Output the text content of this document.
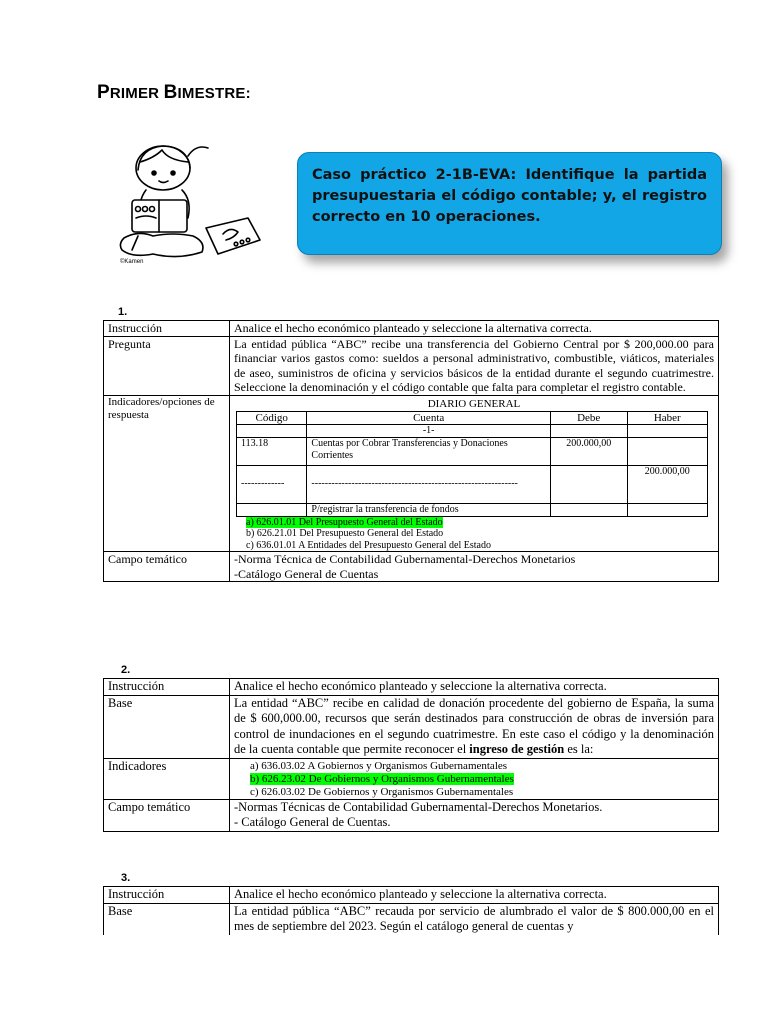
PRIMER BIMESTRE:
©Kamen
Caso práctico 2-1B-EVA: Identifique la partida presupuestaria el código contable; y, el registro correcto en 10 operaciones.
1.
Instrucción	Analice el hecho económico planteado y seleccione la alternativa correcta.
Pregunta	La entidad pública “ABC” recibe una transferencia del Gobierno Central por $ 200,000.00 para financiar varios gastos como: sueldos a personal administrativo, combustible, viáticos, materiales de aseo, suministros de oficina y servicios básicos de la entidad durante el segundo cuatrimestre. Seleccione la denominación y el código contable que falta para completar el registro contable.
Indicadores/opciones de respuesta	
DIARIO GENERAL
Código	Cuenta	Debe	Haber
	-1-		
113.18	Cuentas por Cobrar Transferencias y Donaciones Corrientes	200.000,00	
-------------	--------------------------------------------------------------		200.000,00
	P/registrar la transferencia de fondos		
a) 626.01.01 Del Presupuesto General del Estado
b) 626.21.01 Del Presupuesto General del Estado
c) 636.01.01 A Entidades del Presupuesto General del Estado

Campo temático	-Norma Técnica de Contabilidad Gubernamental-Derechos Monetarios
-Catálogo General de Cuentas
2.
Instrucción	Analice el hecho económico planteado y seleccione la alternativa correcta.
Base	La entidad “ABC” recibe en calidad de donación procedente del gobierno de España, la suma de $ 600,000.00, recursos que serán destinados para construcción de obras de inversión para control de inundaciones en el segundo cuatrimestre. En este caso el código y la denominación de la cuenta contable que permite reconocer el ingreso de gestión es la:
Indicadores	a) 636.03.02 A Gobiernos y Organismos Gubernamentales
b) 626.23.02 De Gobiernos y Organismos Gubernamentales
c) 626.03.02 De Gobiernos y Organismos Gubernamentales

Campo temático	-Normas Técnicas de Contabilidad Gubernamental-Derechos Monetarios.
- Catálogo General de Cuentas.
3.
Instrucción	Analice el hecho económico planteado y seleccione la alternativa correcta.
Base	La entidad pública “ABC” recauda por servicio de alumbrado el valor de $ 800.000,00 en el mes de septiembre del 2023. Según el catálogo general de cuentas y
